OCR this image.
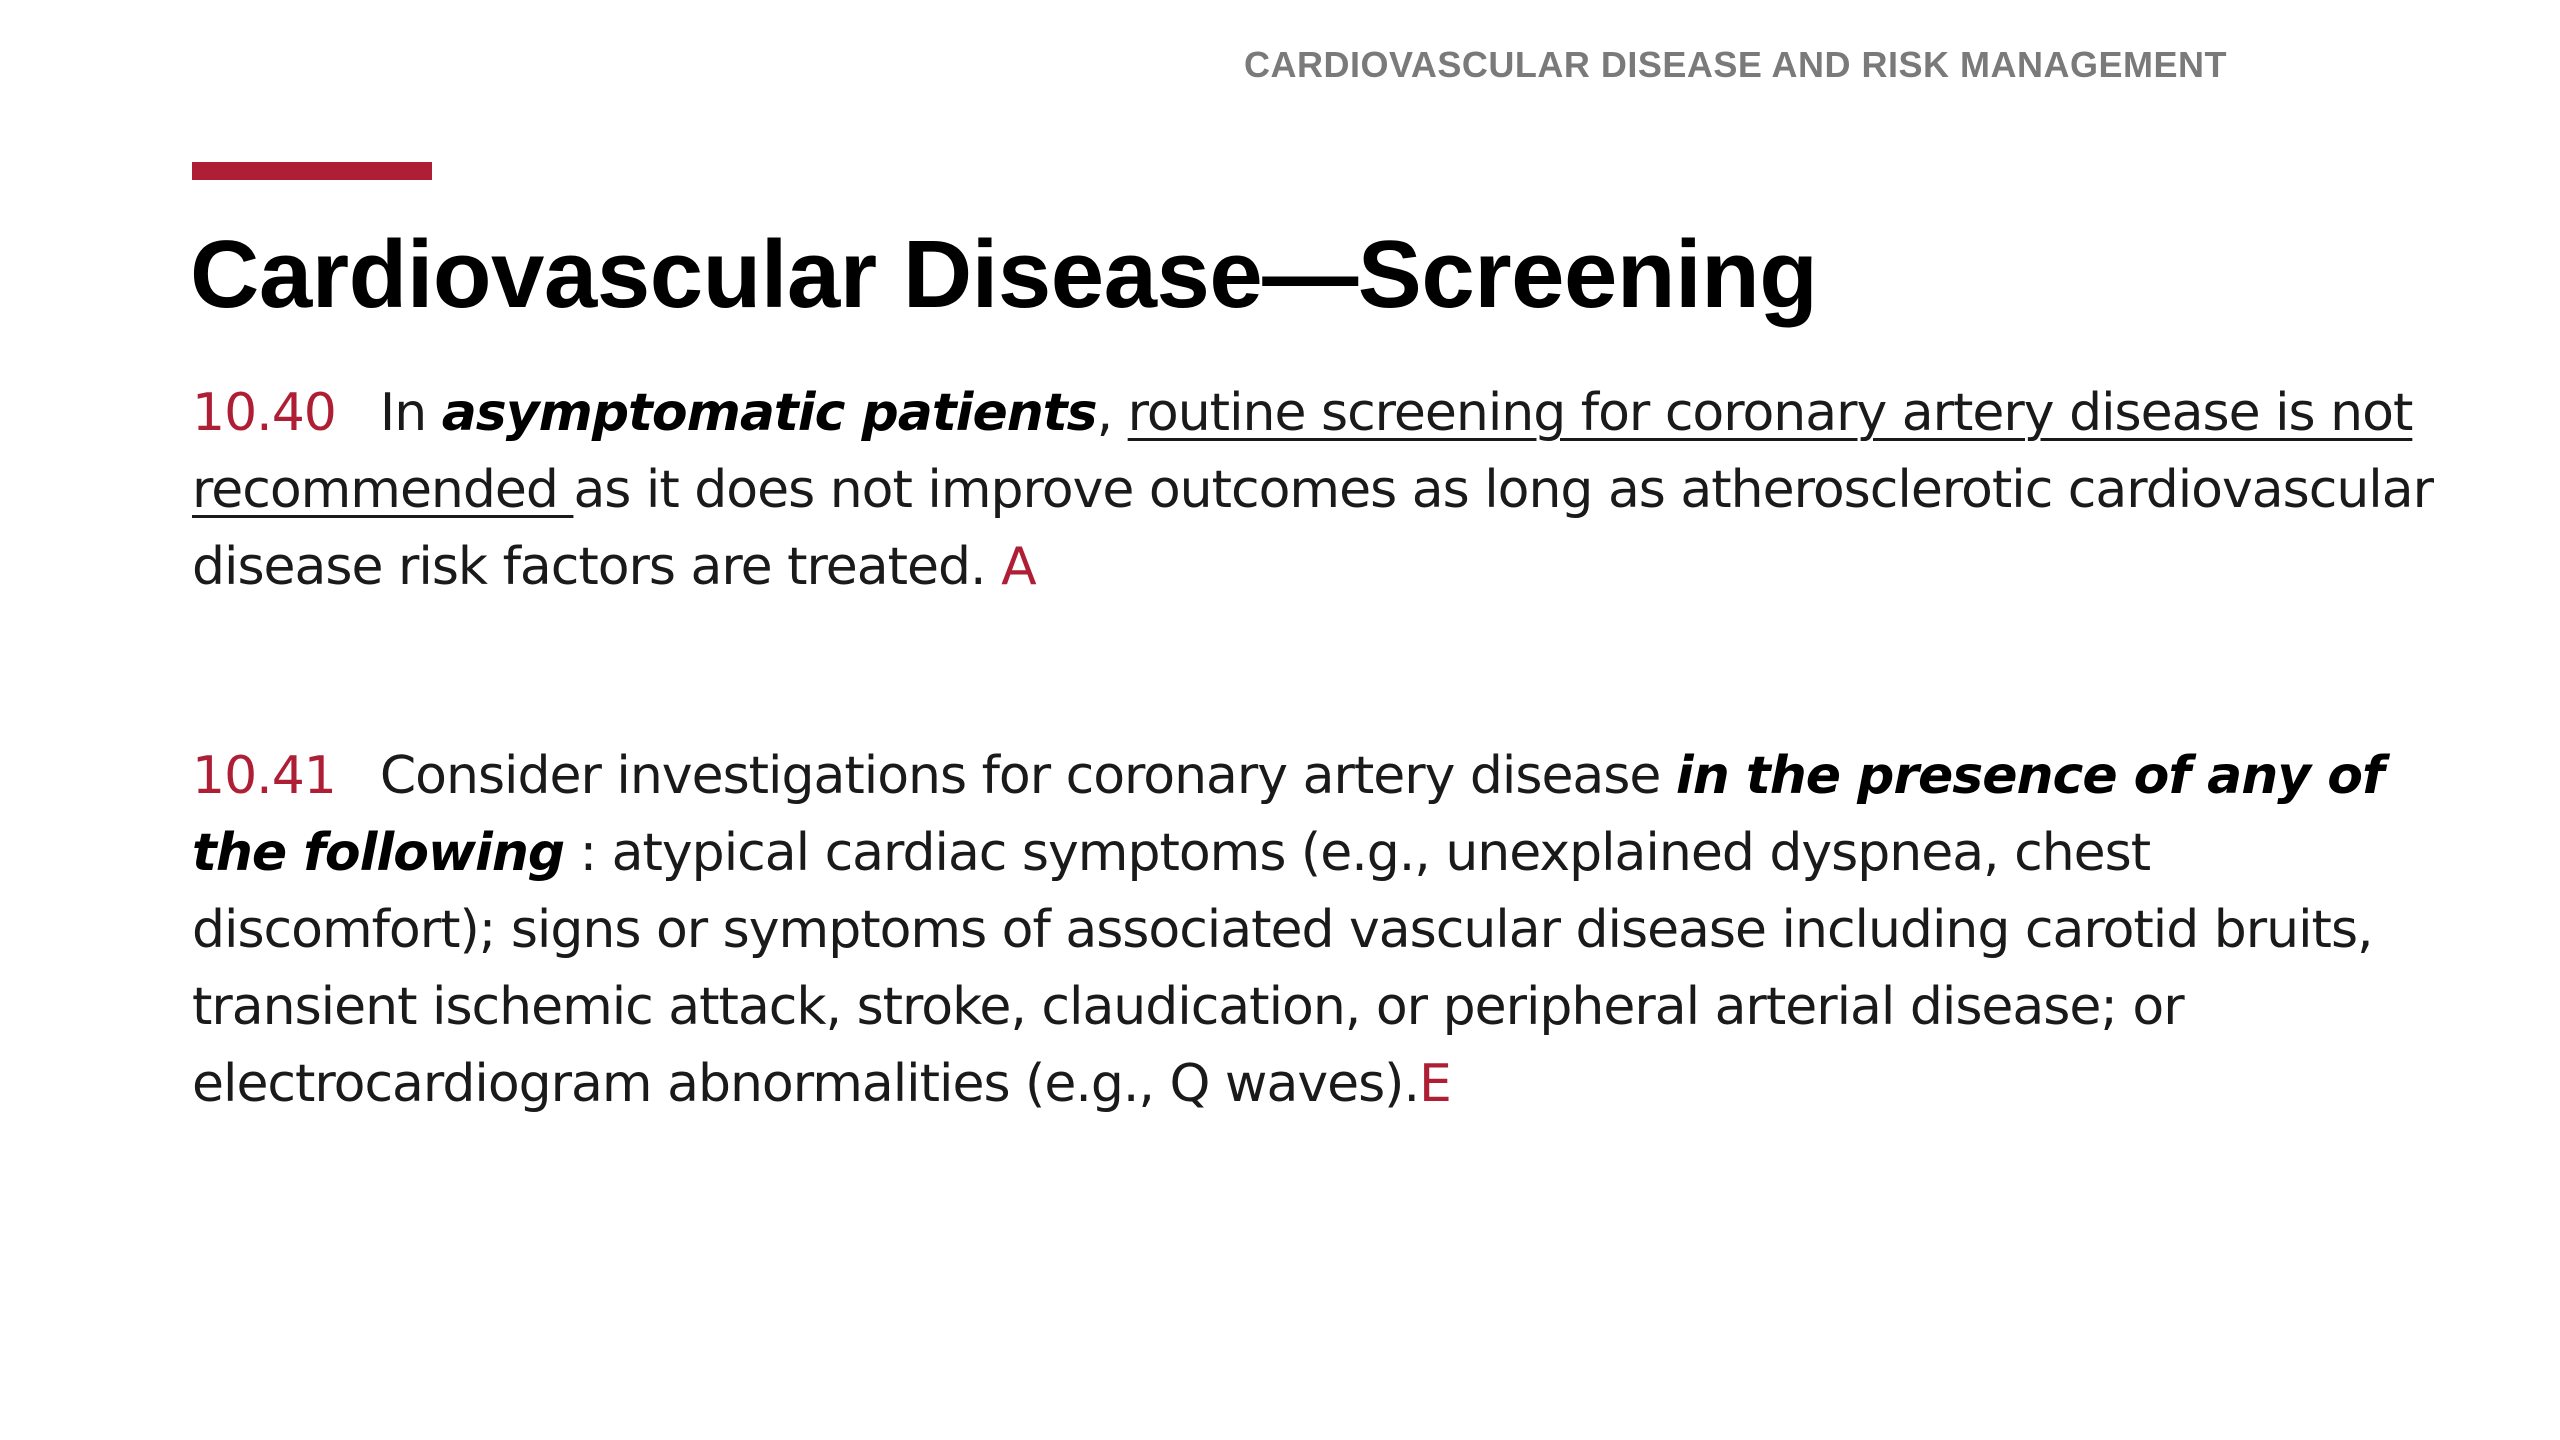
CARDIOVASCULAR DISEASE AND RISK MANAGEMENT
Cardiovascular Disease—Screening
10.40 In asymptomatic patients, routine screening for coronary artery disease is not recommended as it does not improve outcomes as long as atherosclerotic cardiovascular disease risk factors are treated. A
10.41 Consider investigations for coronary artery disease in the presence of any of the following : atypical cardiac symptoms (e.g., unexplained dyspnea, chest discomfort); signs or symptoms of associated vascular disease including carotid bruits, transient ischemic attack, stroke, claudication, or peripheral arterial disease; or electrocardiogram abnormalities (e.g., Q waves).E
